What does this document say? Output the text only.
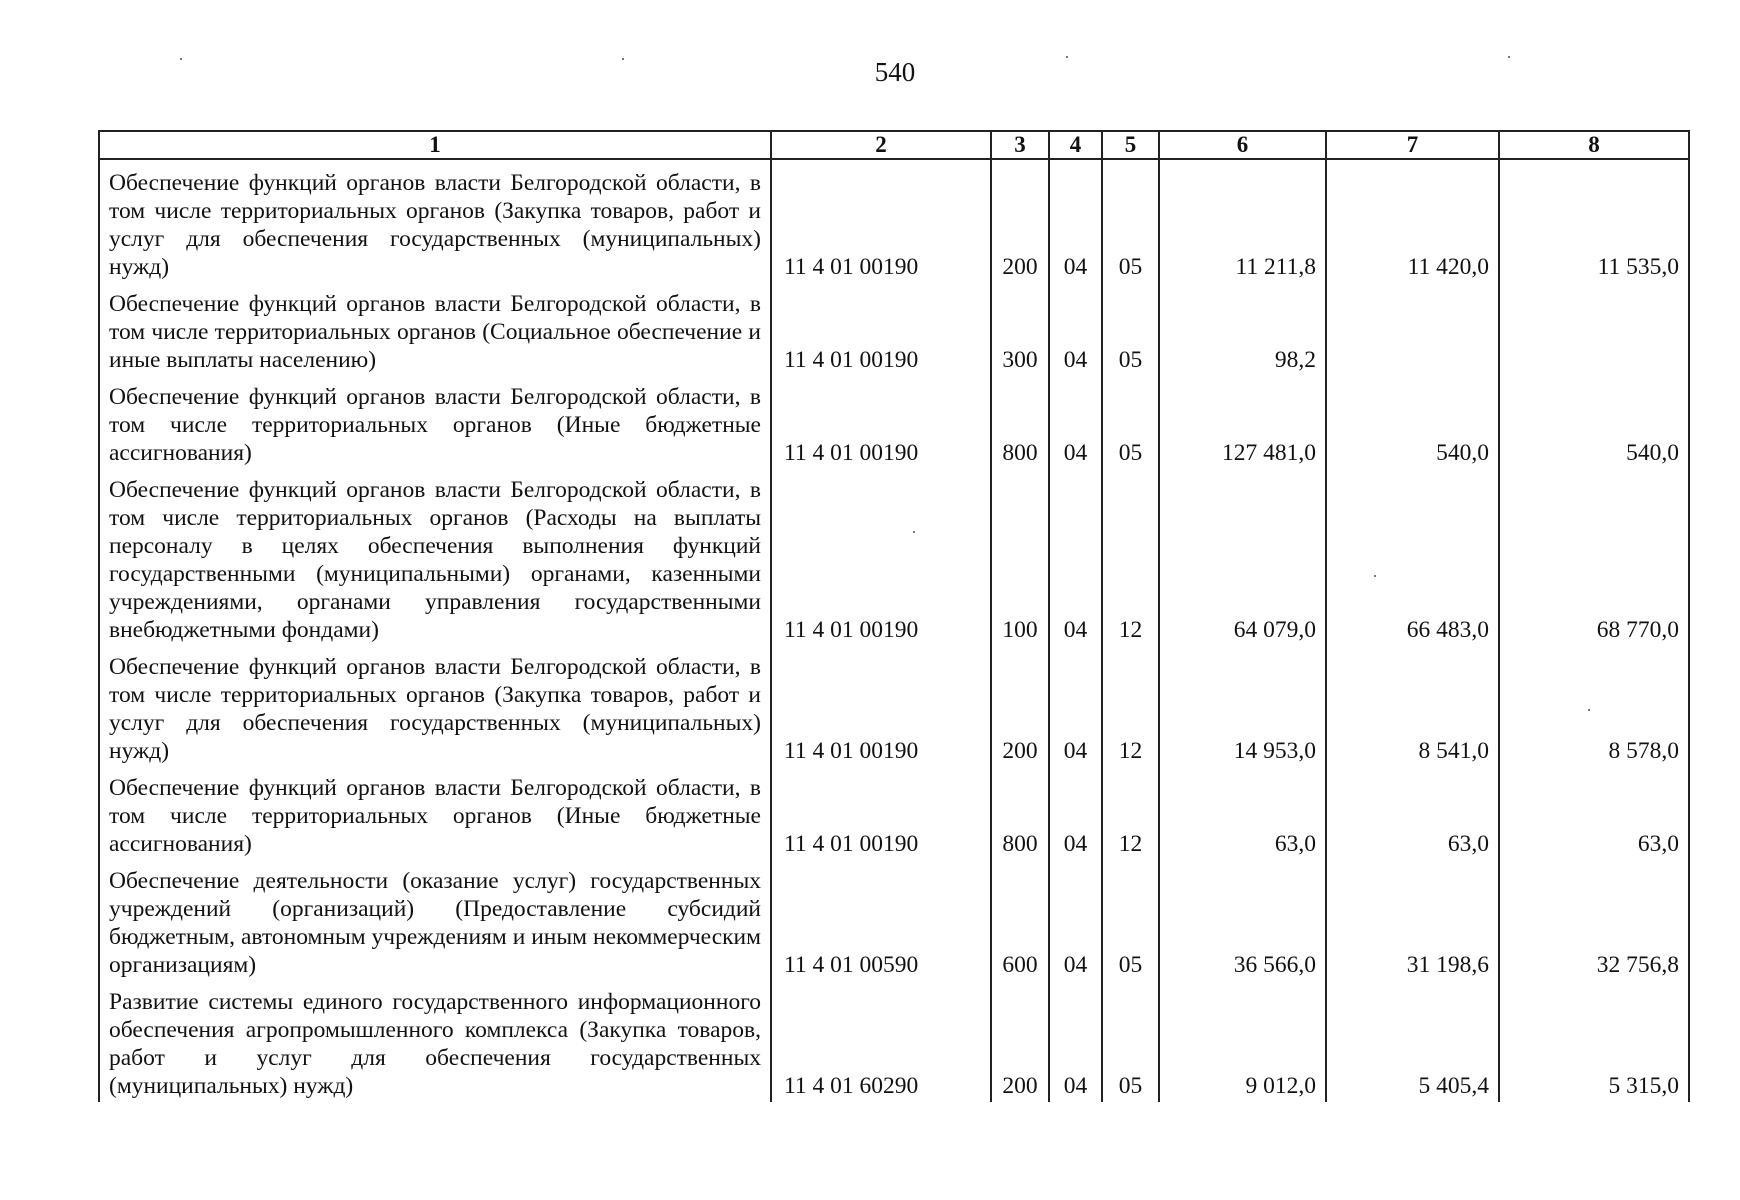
540
1	2	3	4	5	6	7	8
Обеспечение функций органов власти Белгородской области, в том числе территориальных органов (Закупка товаров, работ и услуг для обеспечения государственных (муниципальных) нужд)	11 4 01 00190	200	04	05	11 211,8	11 420,0	11 535,0
Обеспечение функций органов власти Белгородской области, в том числе территориальных органов (Социальное обеспечение и иные выплаты населению)	11 4 01 00190	300	04	05	98,2		
Обеспечение функций органов власти Белгородской области, в том числе территориальных органов (Иные бюджетные ассигнования)	11 4 01 00190	800	04	05	127 481,0	540,0	540,0
Обеспечение функций органов власти Белгородской области, в том числе территориальных органов (Расходы на выплаты персоналу в целях обеспечения выполнения функций государственными (муниципальными) органами, казенными учреждениями, органами управления государственными внебюджетными фондами)	11 4 01 00190	100	04	12	64 079,0	66 483,0	68 770,0
Обеспечение функций органов власти Белгородской области, в том числе территориальных органов (Закупка товаров, работ и услуг для обеспечения государственных (муниципальных) нужд)	11 4 01 00190	200	04	12	14 953,0	8 541,0	8 578,0
Обеспечение функций органов власти Белгородской области, в том числе территориальных органов (Иные бюджетные ассигнования)	11 4 01 00190	800	04	12	63,0	63,0	63,0
Обеспечение деятельности (оказание услуг) государственных учреждений (организаций) (Предоставление субсидий бюджетным, автономным учреждениям и иным некоммерческим организациям)	11 4 01 00590	600	04	05	36 566,0	31 198,6	32 756,8
Развитие системы единого государственного информационного обеспечения агропромышленного комплекса (Закупка товаров, работ и услуг для обеспечения государственных (муниципальных) нужд)	11 4 01 60290	200	04	05	9 012,0	5 405,4	5 315,0
